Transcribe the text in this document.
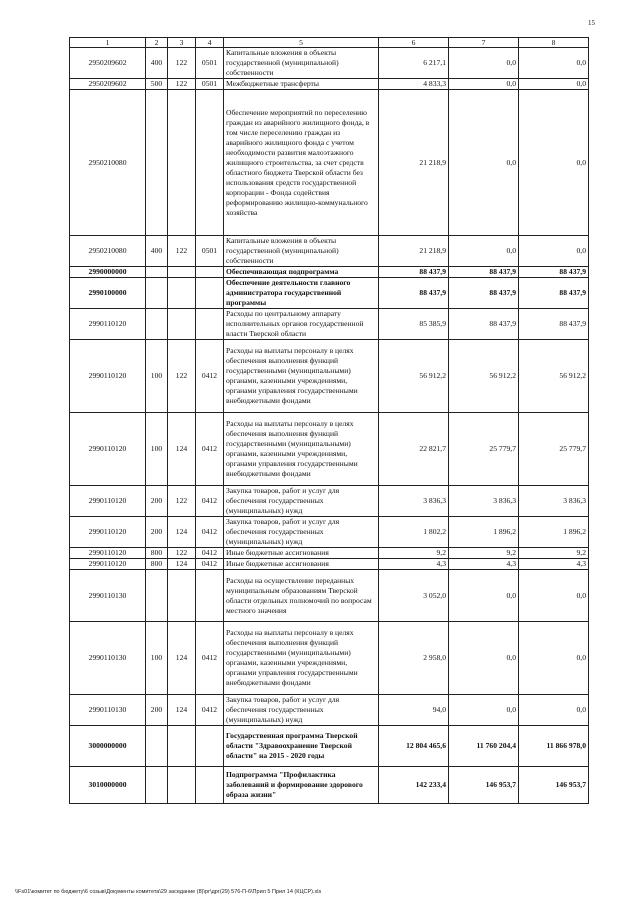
15
1	2	3	4	5	6	7	8
2950209602	400	122	0501	Капитальные вложения в объекты государственной (муниципальной) собственности	6 217,1	0,0	0,0
2950209602	500	122	0501	Межбюджетные трансферты	4 833,3	0,0	0,0
2950210080				Обеспечение мероприятий по переселению граждан из аварийного жилищного фонда, в том числе переселению граждан из аварийного жилищного фонда с учетом необходимости развития малоэтажного жилищного строительства, за счет средств областного бюджета Тверской области без использования средств государственной корпорации - Фонда содействия реформированию жилищно-коммунального хозяйства	21 218,9	0,0	0,0
2950210080	400	122	0501	Капитальные вложения в объекты государственной (муниципальной) собственности	21 218,9	0,0	0,0
2990000000				Обеспечивающая подпрограмма	88 437,9	88 437,9	88 437,9
2990100000				Обеспечение деятельности главного администратора государственной программы	88 437,9	88 437,9	88 437,9
2990110120				Расходы по центральному аппарату исполнительных органов государственной власти Тверской области	85 385,9	88 437,9	88 437,9
2990110120	100	122	0412	Расходы на выплаты персоналу в целях обеспечения выполнения функций государственными (муниципальными) органами, казенными учреждениями, органами управления государственными внебюджетными фондами	56 912,2	56 912,2	56 912,2
2990110120	100	124	0412	Расходы на выплаты персоналу в целях обеспечения выполнения функций государственными (муниципальными) органами, казенными учреждениями, органами управления государственными внебюджетными фондами	22 821,7	25 779,7	25 779,7
2990110120	200	122	0412	Закупка товаров, работ и услуг для обеспечения государственных (муниципальных) нужд	3 836,3	3 836,3	3 836,3
2990110120	200	124	0412	Закупка товаров, работ и услуг для обеспечения государственных (муниципальных) нужд	1 802,2	1 896,2	1 896,2
2990110120	800	122	0412	Иные бюджетные ассигнования	9,2	9,2	9,2
2990110120	800	124	0412	Иные бюджетные ассигнования	4,3	4,3	4,3
2990110130				Расходы на осуществление переданных муниципальным образованиям Тверской области отдельных полномочий по вопросам местного значения	3 052,0	0,0	0,0
2990110130	100	124	0412	Расходы на выплаты персоналу в целях обеспечения выполнения функций государственными (муниципальными) органами, казенными учреждениями, органами управления государственными внебюджетными фондами	2 958,0	0,0	0,0
2990110130	200	124	0412	Закупка товаров, работ и услуг для обеспечения государственных (муниципальных) нужд	94,0	0,0	0,0
3000000000				Государственная программа Тверской области "Здравоохранение Тверской области" на 2015 - 2020 годы	12 804 465,6	11 760 204,4	11 866 978,0
3010000000				Подпрограмма "Профилактика заболеваний и формирование здорового образа жизни"	142 233,4	146 953,7	146 953,7
\\Fs01\комитет по бюджету\6 созыв\Документы комитета\29 заседание (8)\рг\дрг(29) 576-П-6\Прил 5 Прил 14 (КЦСР).xls
